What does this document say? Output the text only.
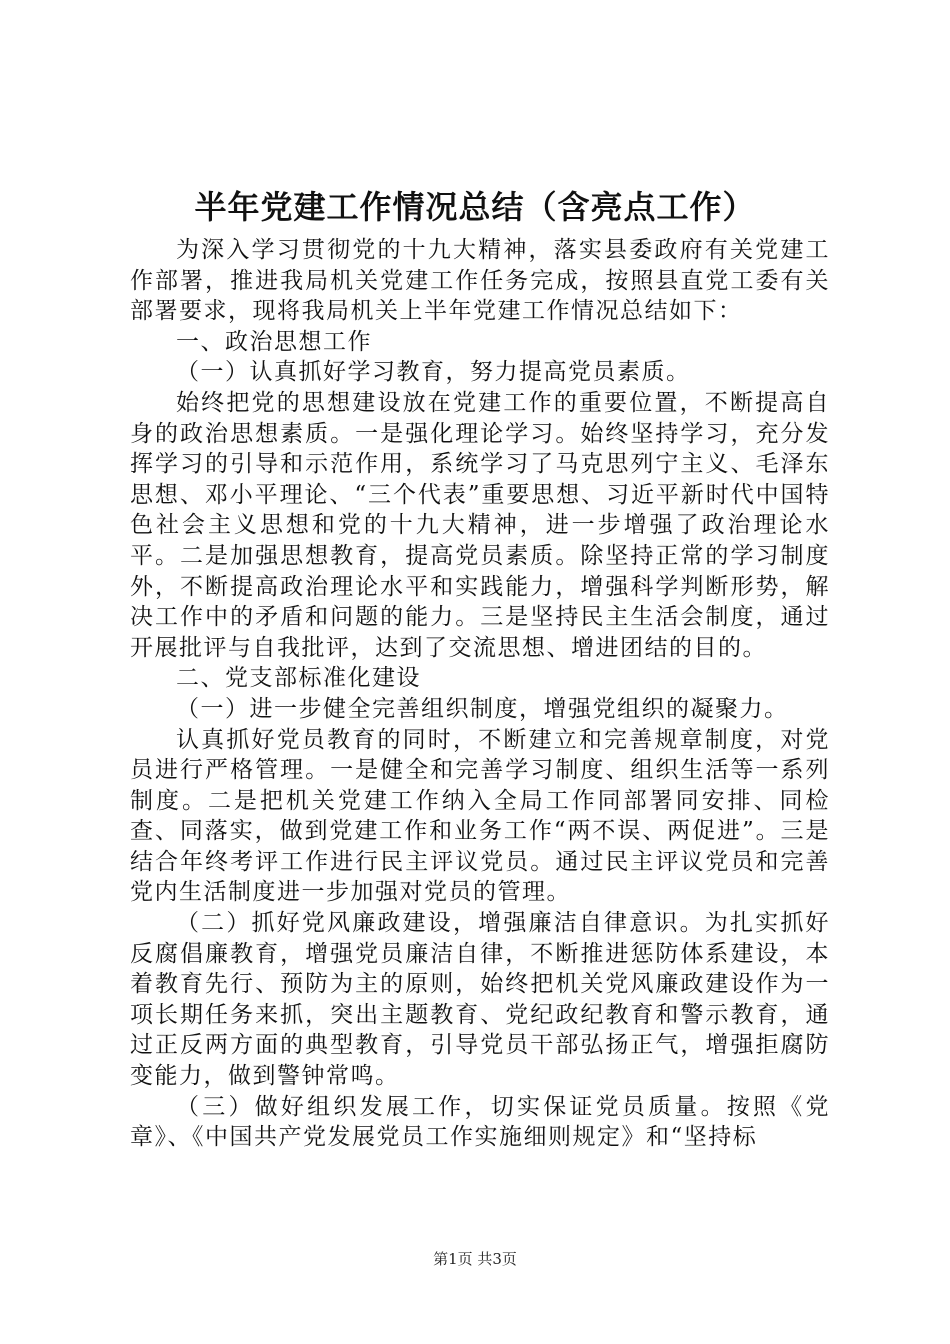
半年党建工作情况总结（含亮点工作）

为深入学习贯彻党的十九大精神，落实县委政府有关党建工作部署，推进我局机关党建工作任务完成，按照县直党工委有关部署要求，现将我局机关上半年党建工作情况总结如下：

一、政治思想工作

（一）认真抓好学习教育，努力提高党员素质。

始终把党的思想建设放在党建工作的重要位置，不断提高自身的政治思想素质。一是强化理论学习。始终坚持学习，充分发挥学习的引导和示范作用，系统学习了马克思列宁主义、毛泽东思想、邓小平理论、“三个代表”重要思想、习近平新时代中国特色社会主义思想和党的十九大精神，进一步增强了政治理论水平。二是加强思想教育，提高党员素质。除坚持正常的学习制度外，不断提高政治理论水平和实践能力，增强科学判断形势，解决工作中的矛盾和问题的能力。三是坚持民主生活会制度，通过开展批评与自我批评，达到了交流思想、增进团结的目的。

二、党支部标准化建设

（一）进一步健全完善组织制度，增强党组织的凝聚力。

认真抓好党员教育的同时，不断建立和完善规章制度，对党员进行严格管理。一是健全和完善学习制度、组织生活等一系列制度。二是把机关党建工作纳入全局工作同部署同安排、同检查、同落实，做到党建工作和业务工作“两不误、两促进”。三是结合年终考评工作进行民主评议党员。通过民主评议党员和完善党内生活制度进一步加强对党员的管理。

（二）抓好党风廉政建设，增强廉洁自律意识。为扎实抓好反腐倡廉教育，增强党员廉洁自律，不断推进惩防体系建设，本着教育先行、预防为主的原则，始终把机关党风廉政建设作为一项长期任务来抓，突出主题教育、党纪政纪教育和警示教育，通过正反两方面的典型教育，引导党员干部弘扬正气，增强拒腐防变能力，做到警钟常鸣。

（三）做好组织发展工作，切实保证党员质量。按照《党章》、《中国共产党发展党员工作实施细则规定》和“坚持标

第1页 共3页
